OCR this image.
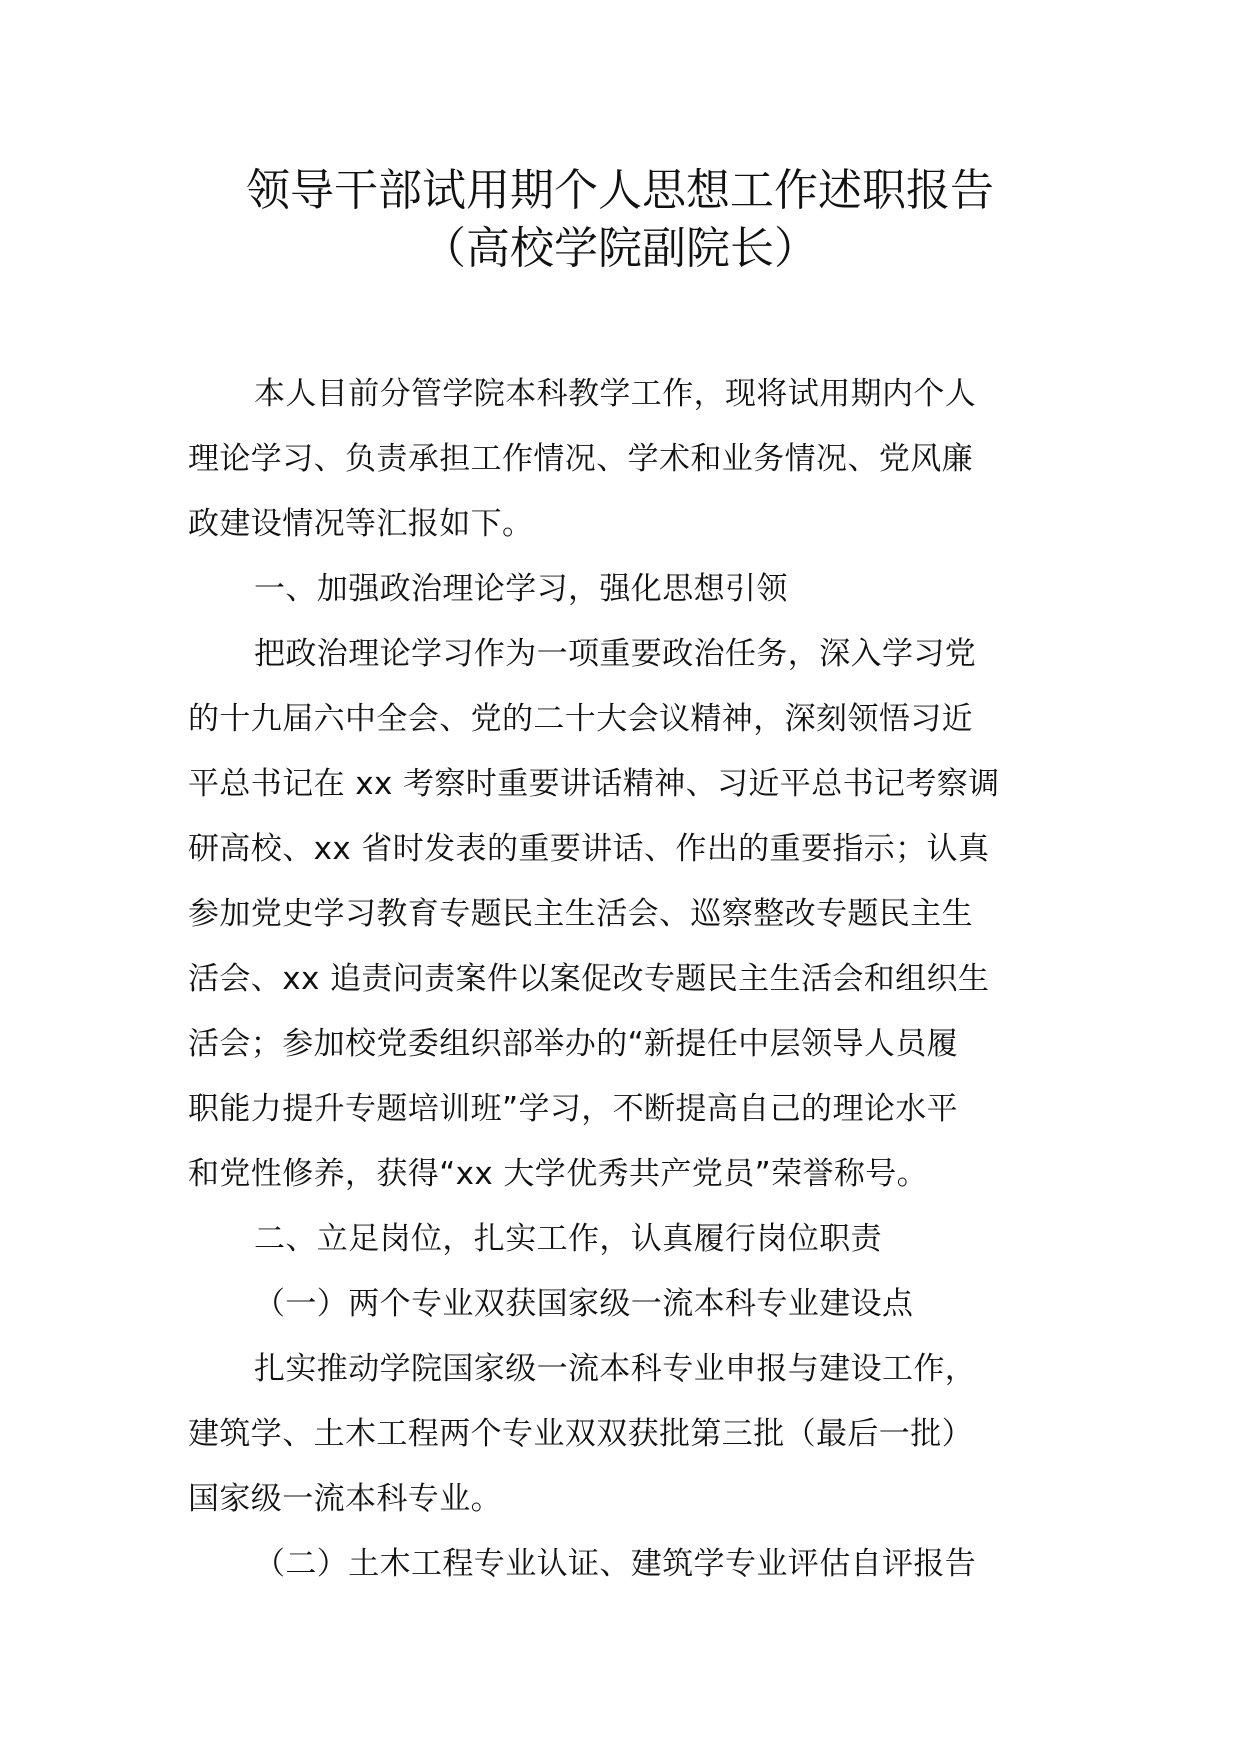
领导干部试用期个人思想工作述职报告
（高校学院副院长）
本人目前分管学院本科教学工作，现将试用期内个人
理论学习、负责承担工作情况、学术和业务情况、党风廉
政建设情况等汇报如下。
一、加强政治理论学习，强化思想引领
把政治理论学习作为一项重要政治任务，深入学习党
的十九届六中全会、党的二十大会议精神，深刻领悟习近
平总书记在 xx 考察时重要讲话精神、习近平总书记考察调
研高校、xx 省时发表的重要讲话、作出的重要指示；认真
参加党史学习教育专题民主生活会、巡察整改专题民主生
活会、xx 追责问责案件以案促改专题民主生活会和组织生
活会；参加校党委组织部举办的“新提任中层领导人员履
职能力提升专题培训班”学习，不断提高自己的理论水平
和党性修养，获得“xx 大学优秀共产党员”荣誉称号。
二、立足岗位，扎实工作，认真履行岗位职责
（一）两个专业双获国家级一流本科专业建设点
扎实推动学院国家级一流本科专业申报与建设工作，
建筑学、土木工程两个专业双双获批第三批（最后一批）
国家级一流本科专业。
（二）土木工程专业认证、建筑学专业评估自评报告
